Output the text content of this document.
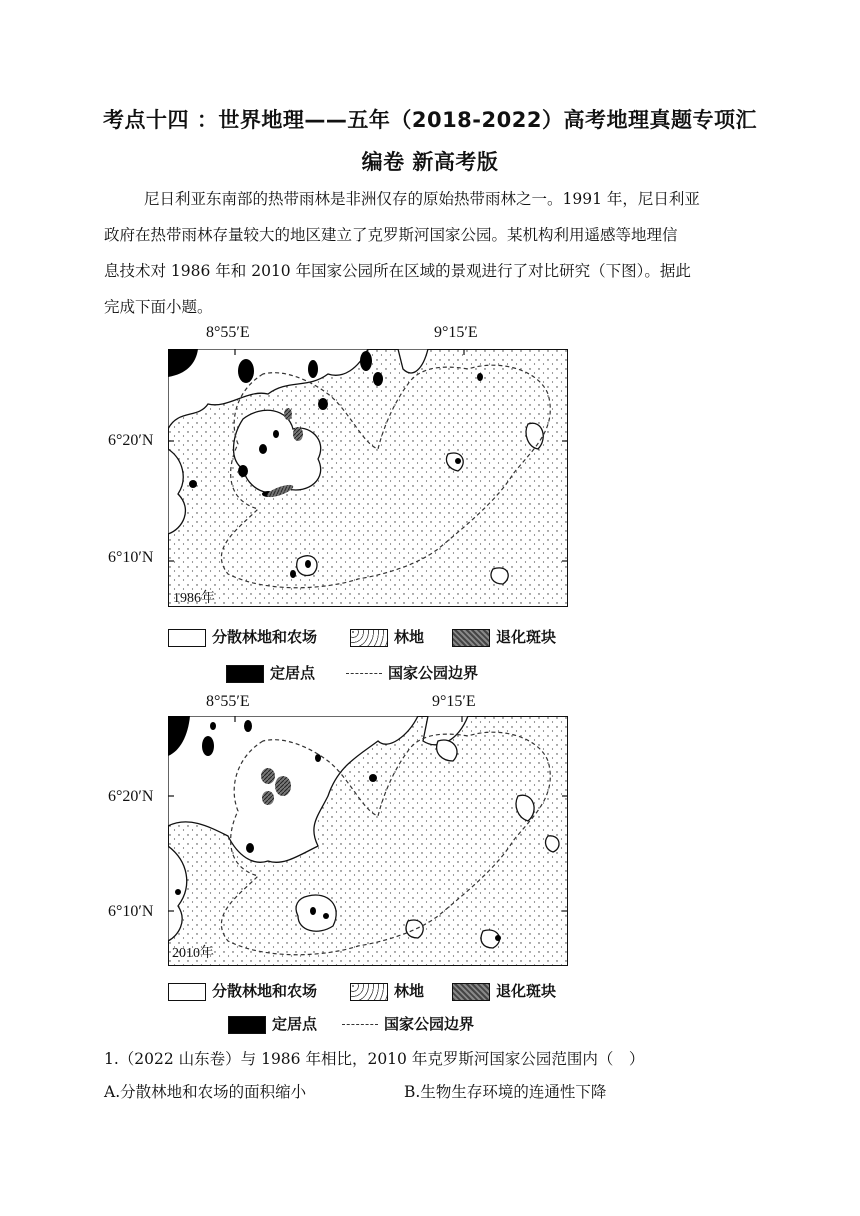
考点十四 ：世界地理——五年（2018-2022）高考地理真题专项汇
编卷 新高考版
尼日利亚东南部的热带雨林是非洲仅存的原始热带雨林之一。1991 年，尼日利亚
政府在热带雨林存量较大的地区建立了克罗斯河国家公园。某机构利用遥感等地理信
息技术对 1986 年和 2010 年国家公园所在区域的景观进行了对比研究（下图）。据此
完成下面小题。
8°55′E	9°15′E
6°20′N
6°10′N
1986年
分散林地和农场	林地	退化斑块
定居点	国家公园边界
8°55′E	9°15′E
6°20′N
6°10′N
2010年
分散林地和农场	林地	退化斑块
定居点	国家公园边界
1.（2022 山东卷）与 1986 年相比，2010 年克罗斯河国家公园范围内（　）
A.分散林地和农场的面积缩小	B.生物生存环境的连通性下降
